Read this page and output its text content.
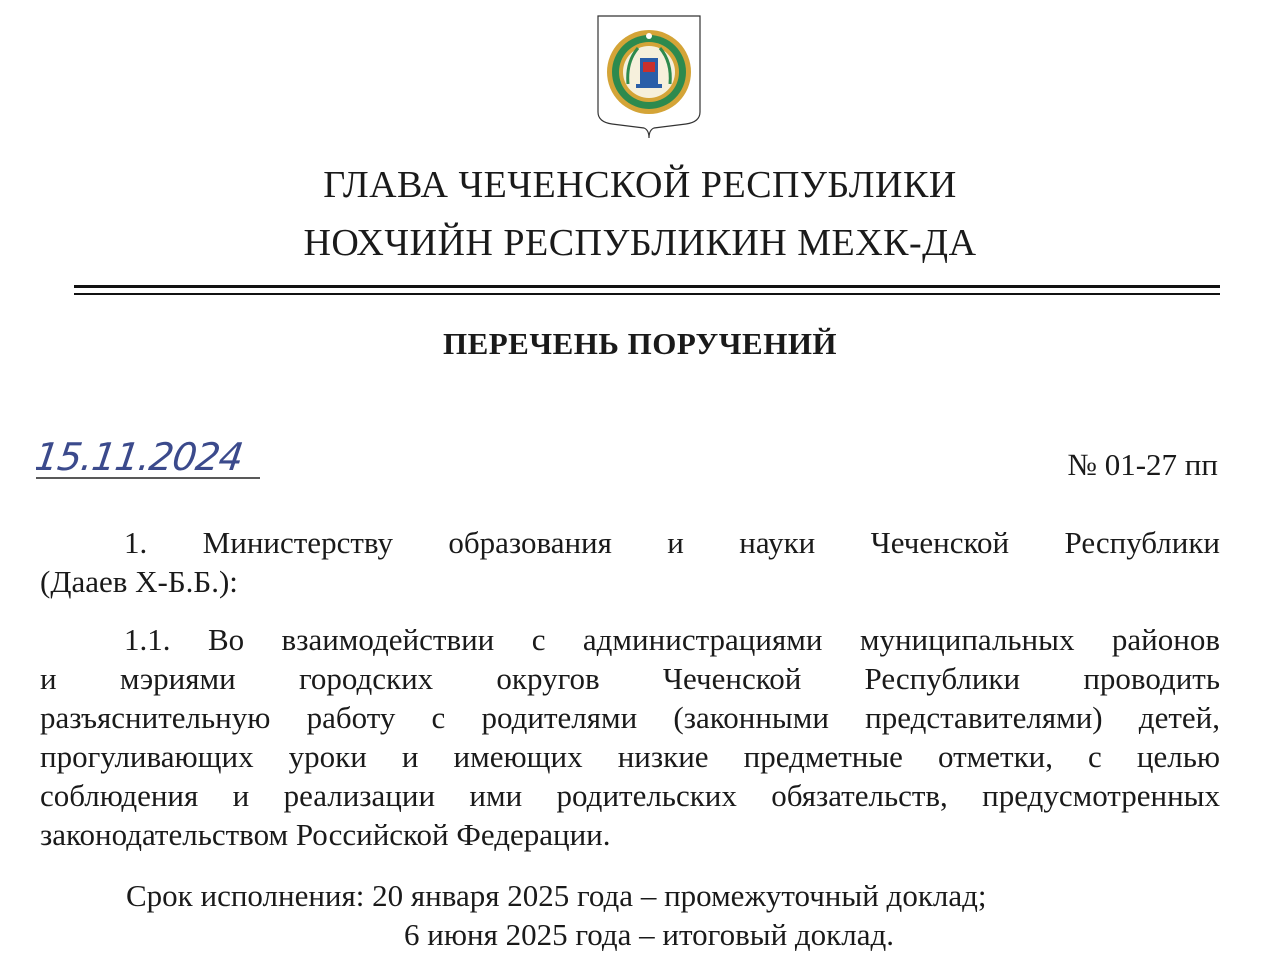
ГЛАВА ЧЕЧЕНСКОЙ РЕСПУБЛИКИ
НОХЧИЙН РЕСПУБЛИКИН МЕХК-ДА
ПЕРЕЧЕНЬ ПОРУЧЕНИЙ
15.11.2024	№ 01-27 пп
1. Министерству образования и науки Чеченской Республики
(Дааев Х-Б.Б.):
1.1. Во взаимодействии с администрациями муниципальных районов
и мэриями городских округов Чеченской Республики проводить
разъяснительную работу с родителями (законными представителями) детей,
прогуливающих уроки и имеющих низкие предметные отметки, с целью
соблюдения и реализации ими родительских обязательств, предусмотренных
законодательством Российской Федерации.
Срок исполнения: 20 января 2025 года – промежуточный доклад;
6 июня 2025 года – итоговый доклад.
